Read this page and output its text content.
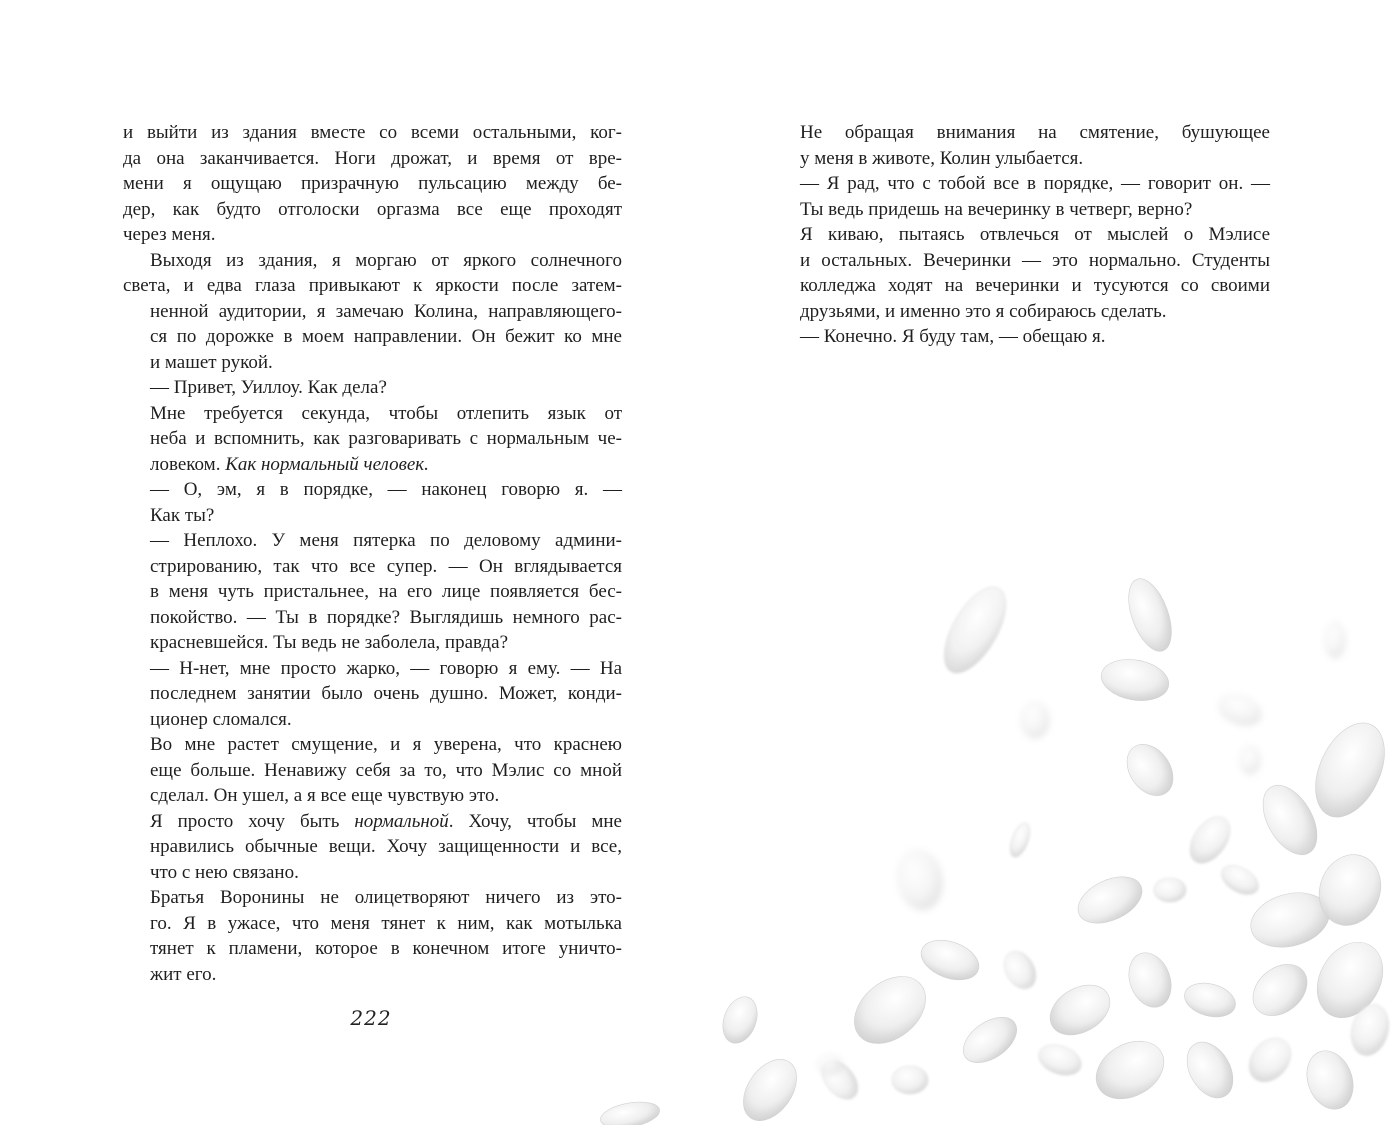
и выйти из здания вместе со всеми остальными, ког-
да она заканчивается. Ноги дрожат, и время от вре-
мени я ощущаю призрачную пульсацию между бе-
дер, как будто отголоски оргазма все еще проходят
через меня.

Выходя из здания, я моргаю от яркого солнечного
света, и едва глаза привыкают к яркости после затем-
ненной аудитории, я замечаю Колина, направляющего-
ся по дорожке в моем направлении. Он бежит ко мне
и машет рукой.

— Привет, Уиллоу. Как дела?

Мне требуется секунда, чтобы отлепить язык от
неба и вспомнить, как разговаривать с нормальным че-
ловеком. Как нормальный человек.

— О, эм, я в порядке, — наконец говорю я. —
Как ты?

— Неплохо. У меня пятерка по деловому админи-
стрированию, так что все супер. — Он вглядывается
в меня чуть пристальнее, на его лице появляется бес-
покойство. — Ты в порядке? Выглядишь немного рас-
красневшейся. Ты ведь не заболела, правда?

— Н-нет, мне просто жарко, — говорю я ему. — На
последнем занятии было очень душно. Может, конди-
ционер сломался.

Во мне растет смущение, и я уверена, что краснею
еще больше. Ненавижу себя за то, что Мэлис со мной
сделал. Он ушел, а я все еще чувствую это.

Я просто хочу быть нормальной. Хочу, чтобы мне
нравились обычные вещи. Хочу защищенности и все,
что с нею связано.

Братья Воронины не олицетворяют ничего из это-
го. Я в ужасе, что меня тянет к ним, как мотылька
тянет к пламени, которое в конечном итоге уничто-
жит его.

222

Не обращая внимания на смятение, бушующее
у меня в животе, Колин улыбается.

— Я рад, что с тобой все в порядке, — говорит он. —
Ты ведь придешь на вечеринку в четверг, верно?

Я киваю, пытаясь отвлечься от мыслей о Мэлисе
и остальных. Вечеринки — это нормально. Студенты
колледжа ходят на вечеринки и тусуются со своими
друзьями, и именно это я собираюсь сделать.

— Конечно. Я буду там, — обещаю я.
